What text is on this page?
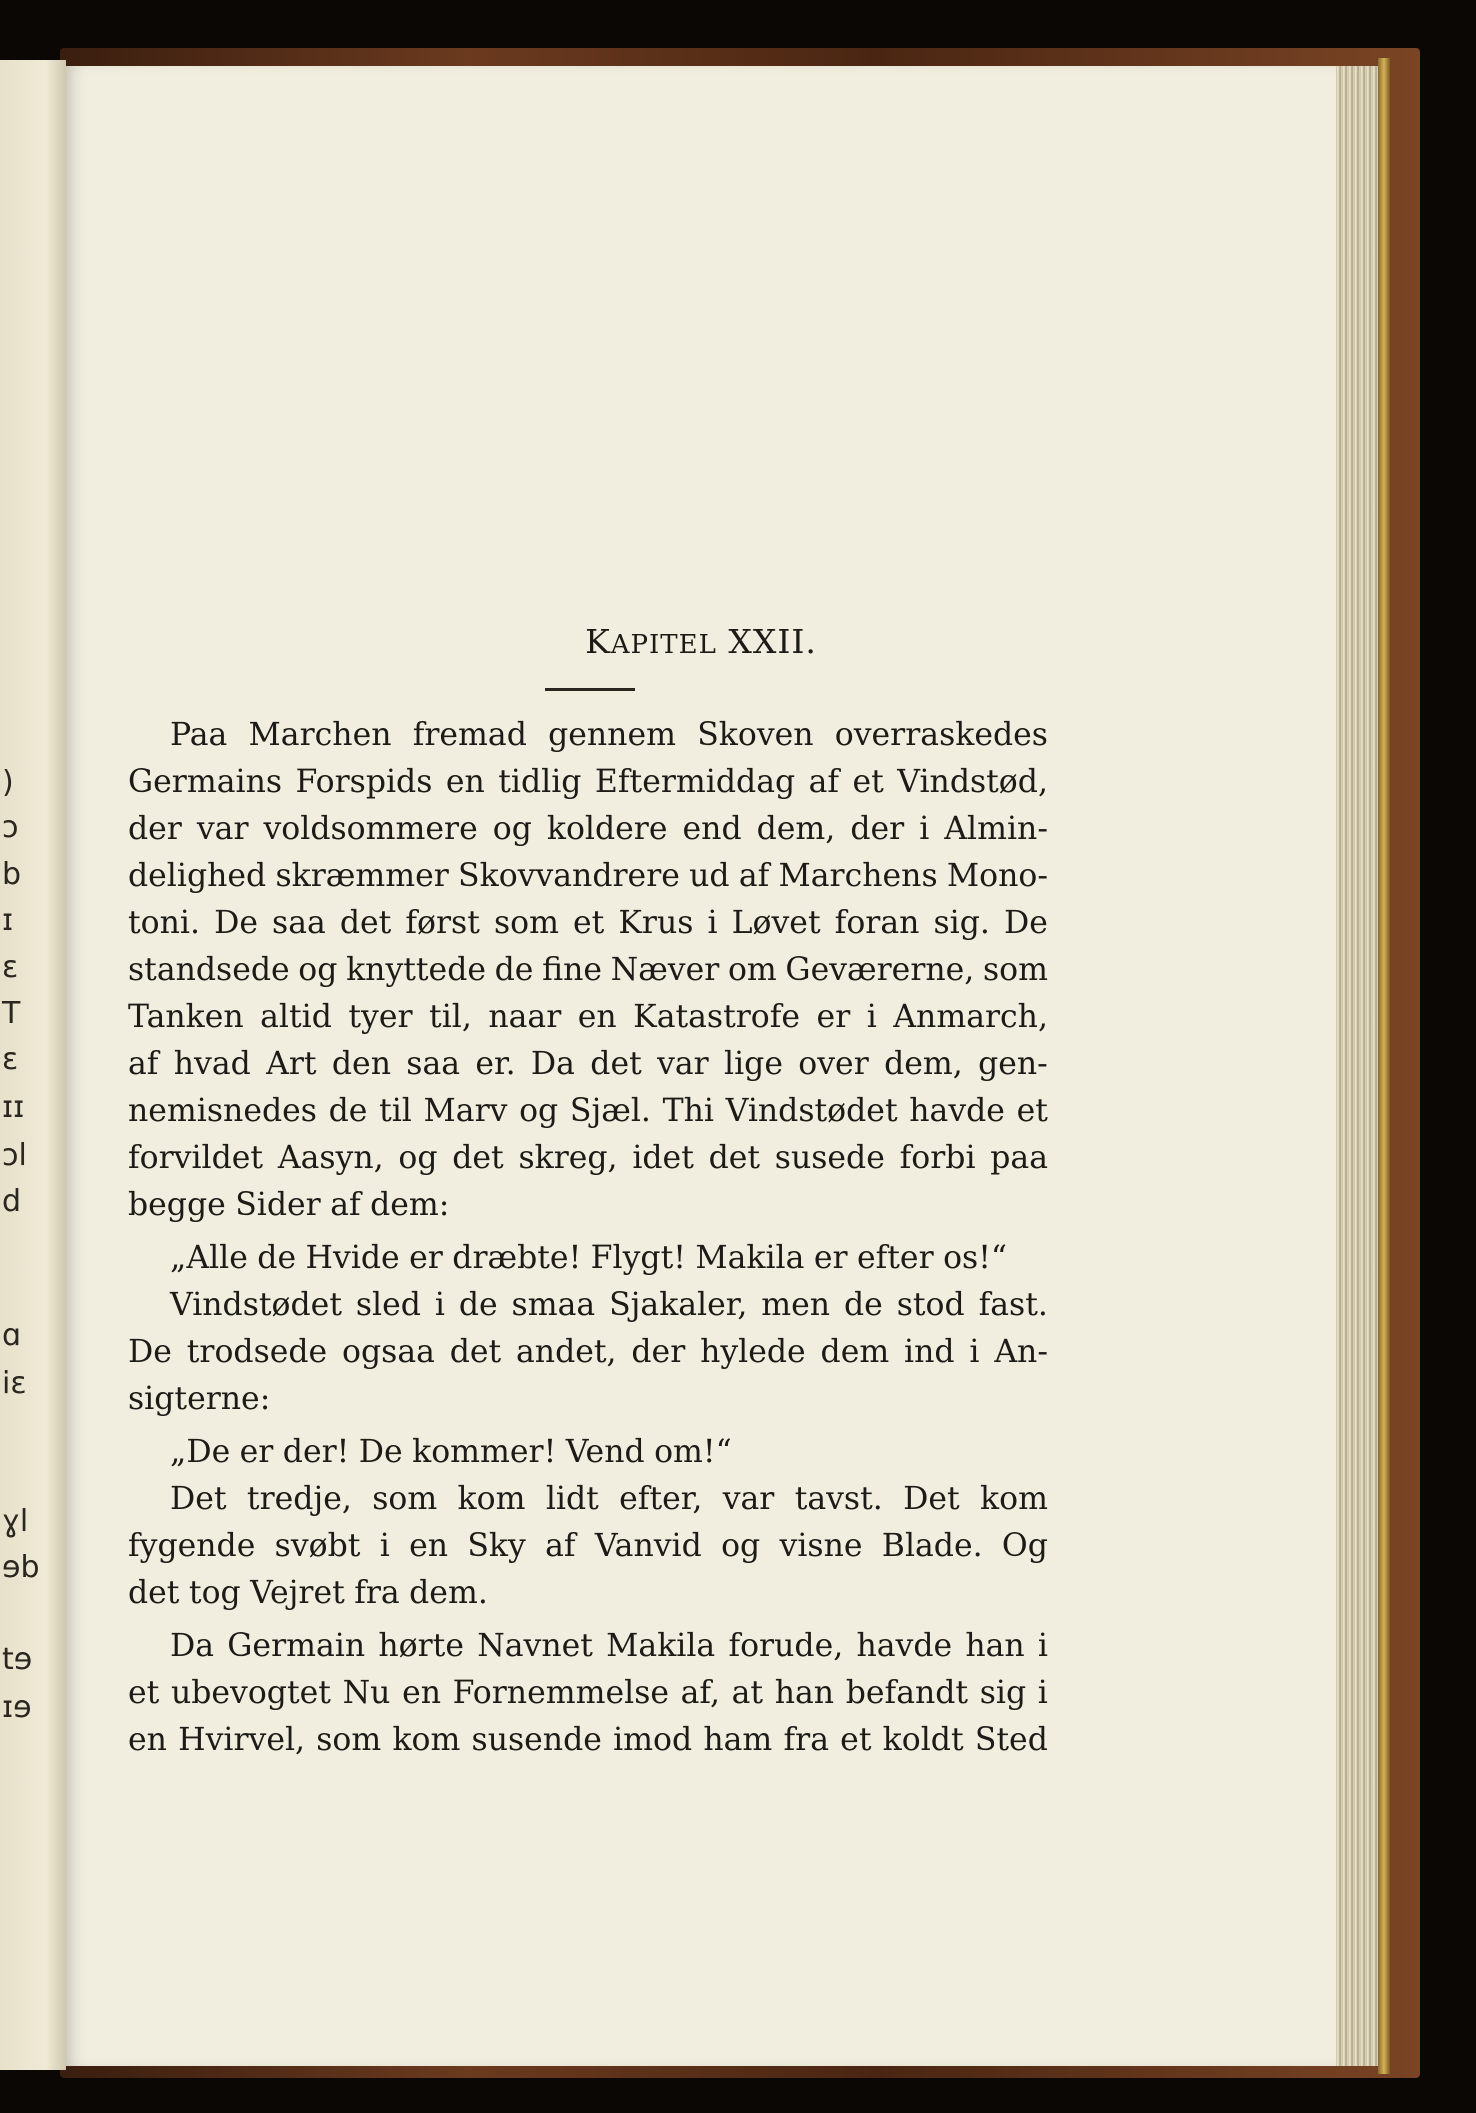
)
ɔ
b
ɪ
ɛ
T
ɛ
ɪɪ
ɔl
d
ɑ
iɛ
ɣl
ɘb
tɘ
ɪɘ
KAPITEL XXII.
Paa Marchen fremad gennem Skoven overraskedes
Germains Forspids en tidlig Eftermiddag af et Vindstød,
der var voldsommere og koldere end dem, der i Almin-
delighed skræmmer Skovvandrere ud af Marchens Mono-
toni. De saa det først som et Krus i Løvet foran sig. De
standsede og knyttede de fine Næver om Geværerne, som
Tanken altid tyer til, naar en Katastrofe er i Anmarch,
af hvad Art den saa er. Da det var lige over dem, gen-
nemisnedes de til Marv og Sjæl. Thi Vindstødet havde et
forvildet Aasyn, og det skreg, idet det susede forbi paa
begge Sider af dem:
„Alle de Hvide er dræbte! Flygt! Makila er efter os!“
Vindstødet sled i de smaa Sjakaler, men de stod fast.
De trodsede ogsaa det andet, der hylede dem ind i An-
sigterne:
„De er der! De kommer! Vend om!“
Det tredje, som kom lidt efter, var tavst. Det kom
fygende svøbt i en Sky af Vanvid og visne Blade. Og
det tog Vejret fra dem.
Da Germain hørte Navnet Makila forude, havde han i
et ubevogtet Nu en Fornemmelse af, at han befandt sig i
en Hvirvel, som kom susende imod ham fra et koldt Sted
